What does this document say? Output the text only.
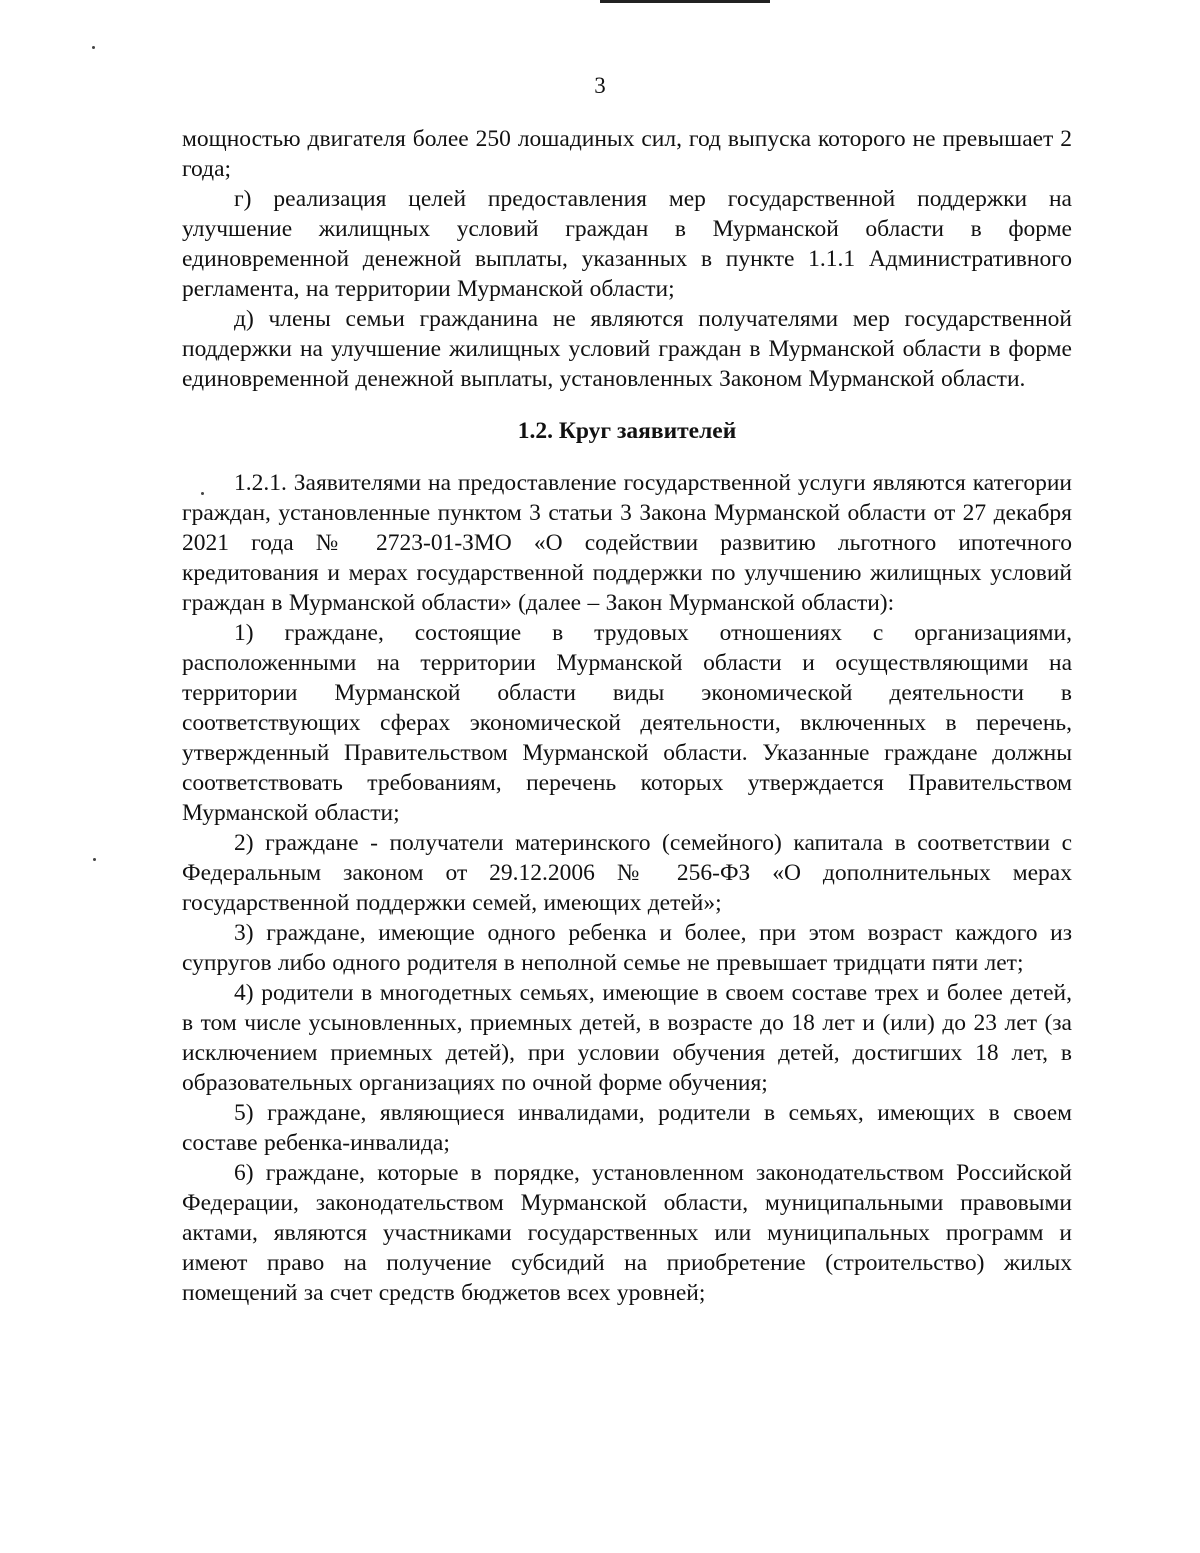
3

мощностью двигателя более 250 лошадиных сил, год выпуска которого не превышает 2 года;

г) реализация целей предоставления мер государственной поддержки на улучшение жилищных условий граждан в Мурманской области в форме единовременной денежной выплаты, указанных в пункте 1.1.1 Административного регламента, на территории Мурманской области;

д) члены семьи гражданина не являются получателями мер государственной поддержки на улучшение жилищных условий граждан в Мурманской области в форме единовременной денежной выплаты, установленных Законом Мурманской области.

1.2. Круг заявителей

1.2.1. Заявителями на предоставление государственной услуги являются категории граждан, установленные пунктом 3 статьи 3 Закона Мурманской области от 27 декабря 2021 года № 2723-01-ЗМО «О содействии развитию льготного ипотечного кредитования и мерах государственной поддержки по улучшению жилищных условий граждан в Мурманской области» (далее – Закон Мурманской области):

1) граждане, состоящие в трудовых отношениях с организациями, расположенными на территории Мурманской области и осуществляющими на территории Мурманской области виды экономической деятельности в соответствующих сферах экономической деятельности, включенных в перечень, утвержденный Правительством Мурманской области. Указанные граждане должны соответствовать требованиям, перечень которых утверждается Правительством Мурманской области;

2) граждане - получатели материнского (семейного) капитала в соответствии с Федеральным законом от 29.12.2006 № 256-ФЗ «О дополнительных мерах государственной поддержки семей, имеющих детей»;

3) граждане, имеющие одного ребенка и более, при этом возраст каждого из супругов либо одного родителя в неполной семье не превышает тридцати пяти лет;

4) родители в многодетных семьях, имеющие в своем составе трех и более детей, в том числе усыновленных, приемных детей, в возрасте до 18 лет и (или) до 23 лет (за исключением приемных детей), при условии обучения детей, достигших 18 лет, в образовательных организациях по очной форме обучения;

5) граждане, являющиеся инвалидами, родители в семьях, имеющих в своем составе ребенка-инвалида;

6) граждане, которые в порядке, установленном законодательством Российской Федерации, законодательством Мурманской области, муниципальными правовыми актами, являются участниками государственных или муниципальных программ и имеют право на получение субсидий на приобретение (строительство) жилых помещений за счет средств бюджетов всех уровней;
